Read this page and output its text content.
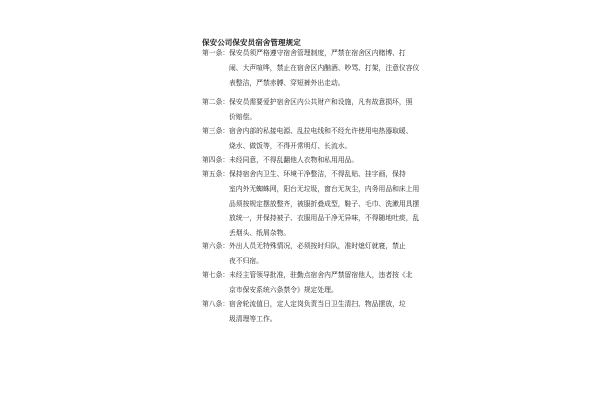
保安公司保安员宿舍管理规定
第一条： 保安员须严格遵守宿舍管理制度，严禁在宿舍区内赌博、打
闹、大声喧哗，禁止在宿舍区内酗酒、吵骂、打架，注意仪容仪
表整洁，严禁赤膊、穿短裤外出走动。
第二条： 保安员需要爱护宿舍区内公共财产和设施，凡有故意损坏，照
价赔偿。
第三条： 宿舍内部的私接电源、乱拉电线和不经允许使用电热器取暖、
烧水、做饭等，不得开常明灯、长流水。
第四条： 未经同意，不得乱翻他人衣物和私用用品。
第五条： 保持宿舍内卫生、环境干净整洁，不得乱贴、挂字画，保持
室内外无蜘蛛网，阳台无垃圾，窗台无灰尘，内务用品和床上用
品须按规定摆放整齐，被服折叠成型，鞋子、毛巾、洗漱用具摆
放统一，并保持被子、衣服用品干净无异味，不得随地吐痰，乱
丢烟头、纸屑杂物。
第六条： 外出人员无特殊情况，必须按时归队，准时熄灯就寝，禁止
夜不归宿。
第七条： 未经主管领导批准，驻勤点宿舍内严禁留宿他人，违者按《北
京市保安系统六条禁令》规定处理。
第八条： 宿舍轮流值日，定人定岗负责当日卫生清扫、物品摆放，垃
圾清理等工作。
